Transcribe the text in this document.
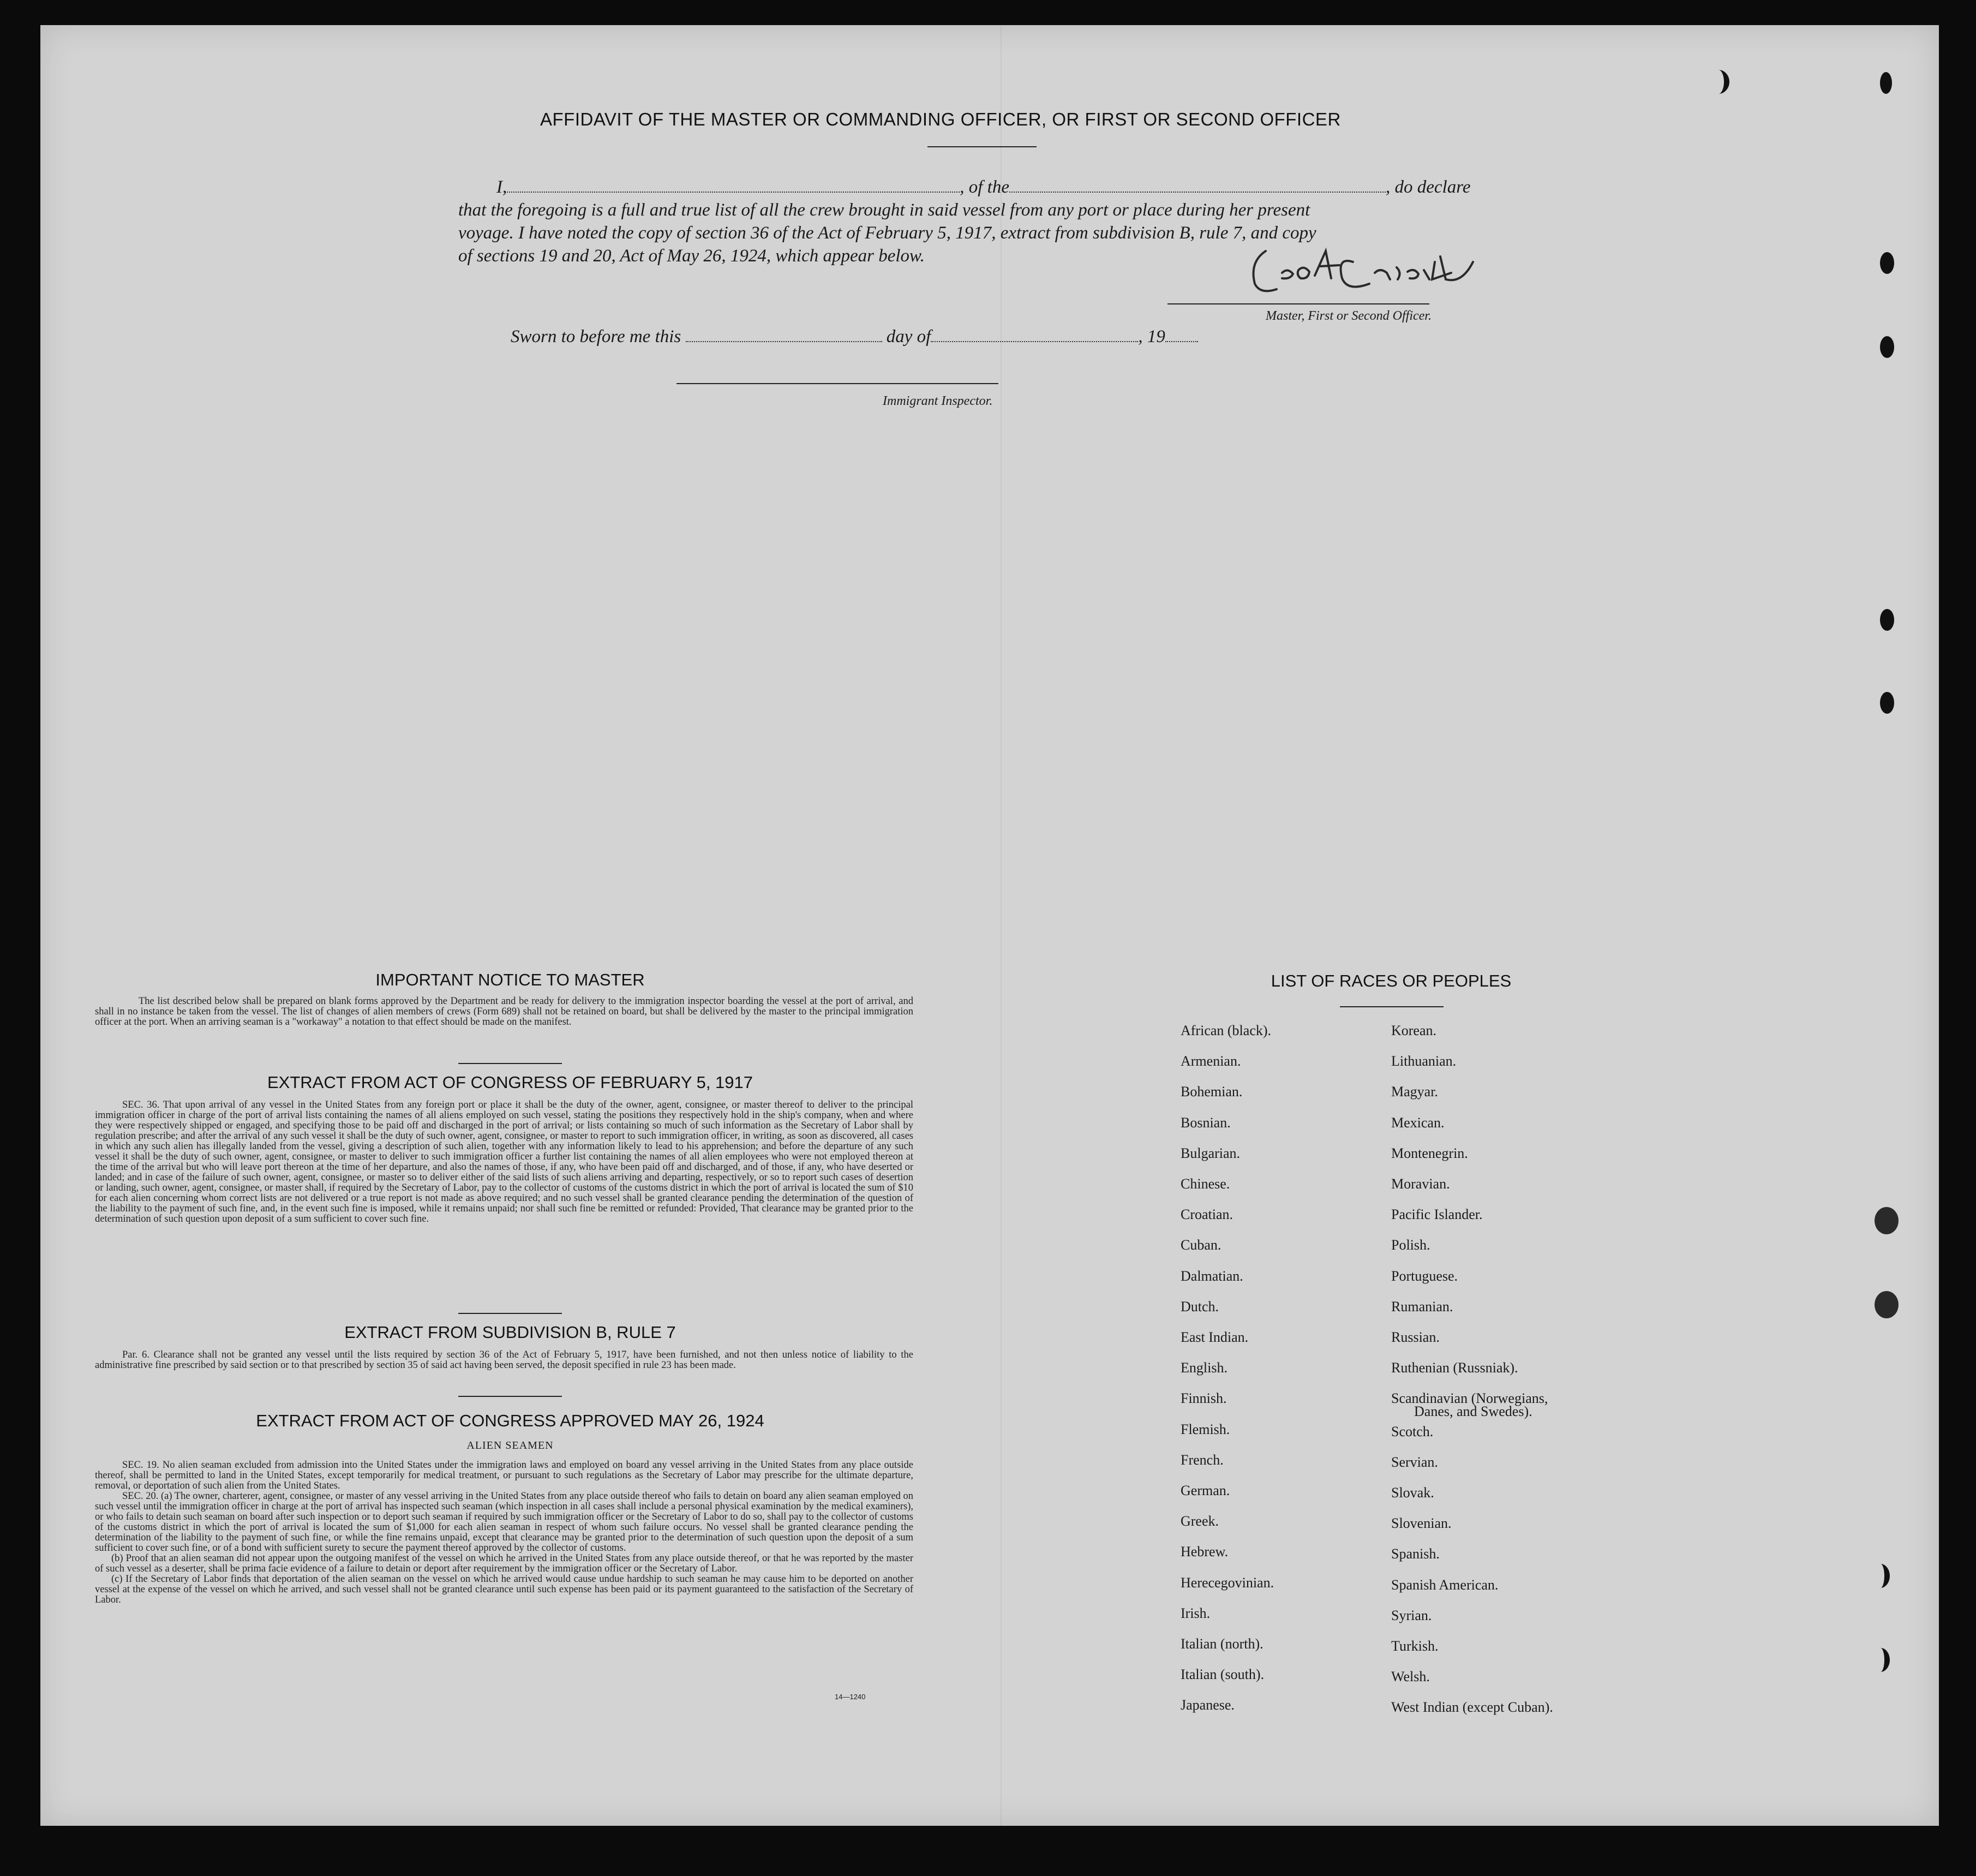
AFFIDAVIT OF THE MASTER OR COMMANDING OFFICER, OR FIRST OR SECOND OFFICER
I,	, of the	, do declare
that the foregoing is a full and true list of all the crew brought in said vessel from any port or place during her present
voyage. I have noted the copy of section 36 of the Act of February 5, 1917, extract from subdivision B, rule 7, and copy
of sections 19 and 20, Act of May 26, 1924, which appear below.
Master, First or Second Officer.
Sworn to before me this	day of	, 19
Immigrant Inspector.
IMPORTANT NOTICE TO MASTER
The list described below shall be prepared on blank forms approved by the Department and be ready for delivery to the immigration inspector boarding the vessel at the port of arrival, and shall in no instance be taken from the vessel. The list of changes of alien members of crews (Form 689) shall not be retained on board, but shall be delivered by the master to the principal immigration officer at the port. When an arriving seaman is a "workaway" a notation to that effect should be made on the manifest.
EXTRACT FROM ACT OF CONGRESS OF FEBRUARY 5, 1917
SEC. 36. That upon arrival of any vessel in the United States from any foreign port or place it shall be the duty of the owner, agent, consignee, or master thereof to deliver to the principal immigration officer in charge of the port of arrival lists containing the names of all aliens employed on such vessel, stating the positions they respectively hold in the ship's company, when and where they were respectively shipped or engaged, and specifying those to be paid off and discharged in the port of arrival; or lists containing so much of such information as the Secretary of Labor shall by regulation prescribe; and after the arrival of any such vessel it shall be the duty of such owner, agent, consignee, or master to report to such immigration officer, in writing, as soon as discovered, all cases in which any such alien has illegally landed from the vessel, giving a description of such alien, together with any information likely to lead to his apprehension; and before the departure of any such vessel it shall be the duty of such owner, agent, consignee, or master to deliver to such immigration officer a further list containing the names of all alien employees who were not employed thereon at the time of the arrival but who will leave port thereon at the time of her departure, and also the names of those, if any, who have been paid off and discharged, and of those, if any, who have deserted or landed; and in case of the failure of such owner, agent, consignee, or master so to deliver either of the said lists of such aliens arriving and departing, respectively, or so to report such cases of desertion or landing, such owner, agent, consignee, or master shall, if required by the Secretary of Labor, pay to the collector of customs of the customs district in which the port of arrival is located the sum of $10 for each alien concerning whom correct lists are not delivered or a true report is not made as above required; and no such vessel shall be granted clearance pending the determination of the question of the liability to the payment of such fine, and, in the event such fine is imposed, while it remains unpaid; nor shall such fine be remitted or refunded: Provided, That clearance may be granted prior to the determination of such question upon deposit of a sum sufficient to cover such fine.
EXTRACT FROM SUBDIVISION B, RULE 7
Par. 6. Clearance shall not be granted any vessel until the lists required by section 36 of the Act of February 5, 1917, have been furnished, and not then unless notice of liability to the administrative fine prescribed by said section or to that prescribed by section 35 of said act having been served, the deposit specified in rule 23 has been made.
EXTRACT FROM ACT OF CONGRESS APPROVED MAY 26, 1924
ALIEN SEAMEN

SEC. 19. No alien seaman excluded from admission into the United States under the immigration laws and employed on board any vessel arriving in the United States from any place outside thereof, shall be permitted to land in the United States, except temporarily for medical treatment, or pursuant to such regulations as the Secretary of Labor may prescribe for the ultimate departure, removal, or deportation of such alien from the United States.

SEC. 20. (a) The owner, charterer, agent, consignee, or master of any vessel arriving in the United States from any place outside thereof who fails to detain on board any alien seaman employed on such vessel until the immigration officer in charge at the port of arrival has inspected such seaman (which inspection in all cases shall include a personal physical examination by the medical examiners), or who fails to detain such seaman on board after such inspection or to deport such seaman if required by such immigration officer or the Secretary of Labor to do so, shall pay to the collector of customs of the customs district in which the port of arrival is located the sum of $1,000 for each alien seaman in respect of whom such failure occurs. No vessel shall be granted clearance pending the determination of the liability to the payment of such fine, or while the fine remains unpaid, except that clearance may be granted prior to the determination of such question upon the deposit of a sum sufficient to cover such fine, or of a bond with sufficient surety to secure the payment thereof approved by the collector of customs.

(b) Proof that an alien seaman did not appear upon the outgoing manifest of the vessel on which he arrived in the United States from any place outside thereof, or that he was reported by the master of such vessel as a deserter, shall be prima facie evidence of a failure to detain or deport after requirement by the immigration officer or the Secretary of Labor.

(c) If the Secretary of Labor finds that deportation of the alien seaman on the vessel on which he arrived would cause undue hardship to such seaman he may cause him to be deported on another vessel at the expense of the vessel on which he arrived, and such vessel shall not be granted clearance until such expense has been paid or its payment guaranteed to the satisfaction of the Secretary of Labor.

14—1240
LIST OF RACES OR PEOPLES
African (black).
Armenian.
Bohemian.
Bosnian.
Bulgarian.
Chinese.
Croatian.
Cuban.
Dalmatian.
Dutch.
East Indian.
English.
Finnish.
Flemish.
French.
German.
Greek.
Hebrew.
Herecegovinian.
Irish.
Italian (north).
Italian (south).
Japanese.
Korean.
Lithuanian.
Magyar.
Mexican.
Montenegrin.
Moravian.
Pacific Islander.
Polish.
Portuguese.
Rumanian.
Russian.
Ruthenian (Russniak).
Scandinavian (Norwegians,
Scotch.
Servian.
Slovak.
Slovenian.
Spanish.
Spanish American.
Syrian.
Turkish.
Welsh.
West Indian (except Cuban).
Danes, and Swedes).
